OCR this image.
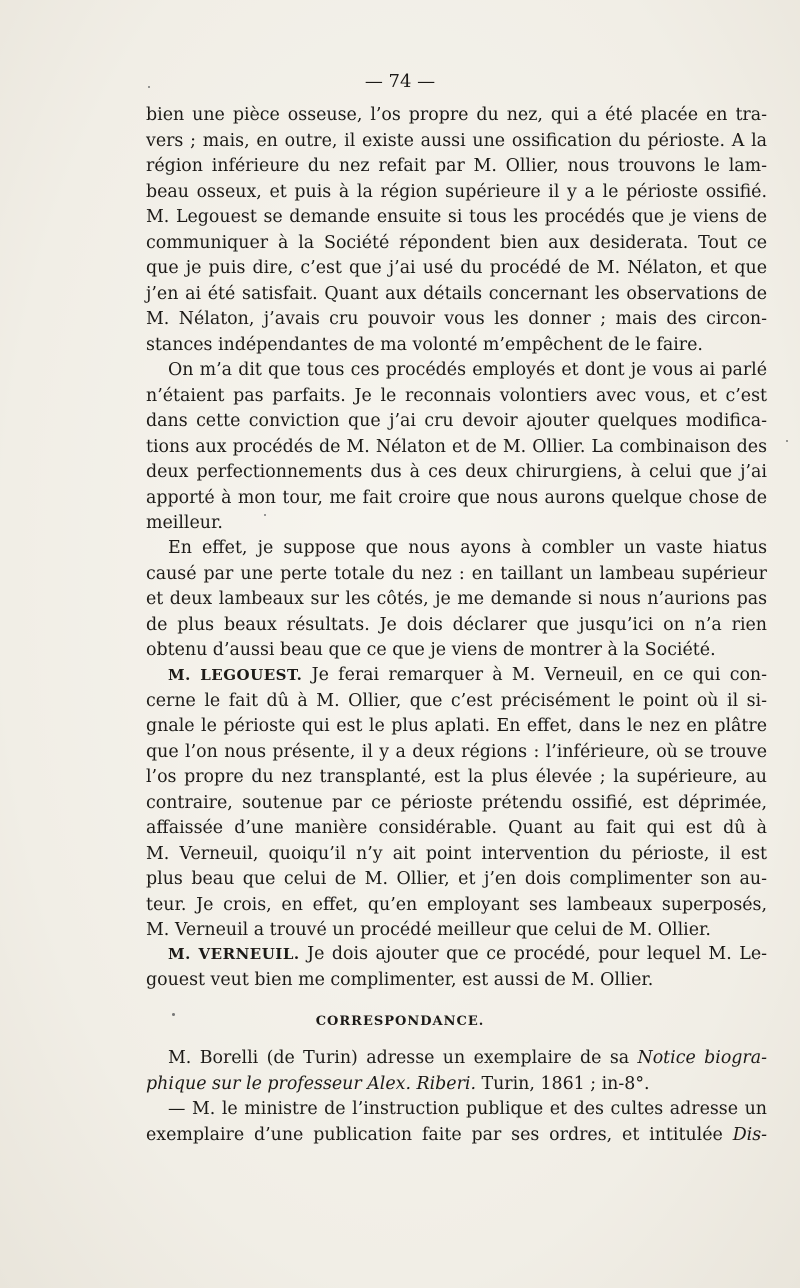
— 74 —
bien une pièce osseuse, l’os propre du nez, qui a été placée en tra-
vers ; mais, en outre, il existe aussi une ossification du périoste. A la
région inférieure du nez refait par M. Ollier, nous trouvons le lam-
beau osseux, et puis à la région supérieure il y a le périoste ossifié.
M. Legouest se demande ensuite si tous les procédés que je viens de
communiquer à la Société répondent bien aux desiderata. Tout ce
que je puis dire, c’est que j’ai usé du procédé de M. Nélaton, et que
j’en ai été satisfait. Quant aux détails concernant les observations de
M. Nélaton, j’avais cru pouvoir vous les donner ; mais des circon-
stances indépendantes de ma volonté m’empêchent de le faire.
On m’a dit que tous ces procédés employés et dont je vous ai parlé
n’étaient pas parfaits. Je le reconnais volontiers avec vous, et c’est
dans cette conviction que j’ai cru devoir ajouter quelques modifica-
tions aux procédés de M. Nélaton et de M. Ollier. La combinaison des
deux perfectionnements dus à ces deux chirurgiens, à celui que j’ai
apporté à mon tour, me fait croire que nous aurons quelque chose de
meilleur.
En effet, je suppose que nous ayons à combler un vaste hiatus
causé par une perte totale du nez : en taillant un lambeau supérieur
et deux lambeaux sur les côtés, je me demande si nous n’aurions pas
de plus beaux résultats. Je dois déclarer que jusqu’ici on n’a rien
obtenu d’aussi beau que ce que je viens de montrer à la Société.
M. LEGOUEST. Je ferai remarquer à M. Verneuil, en ce qui con-
cerne le fait dû à M. Ollier, que c’est précisément le point où il si-
gnale le périoste qui est le plus aplati. En effet, dans le nez en plâtre
que l’on nous présente, il y a deux régions : l’inférieure, où se trouve
l’os propre du nez transplanté, est la plus élevée ; la supérieure, au
contraire, soutenue par ce périoste prétendu ossifié, est déprimée,
affaissée d’une manière considérable. Quant au fait qui est dû à
M. Verneuil, quoiqu’il n’y ait point intervention du périoste, il est
plus beau que celui de M. Ollier, et j’en dois complimenter son au-
teur. Je crois, en effet, qu’en employant ses lambeaux superposés,
M. Verneuil a trouvé un procédé meilleur que celui de M. Ollier.
M. VERNEUIL. Je dois ajouter que ce procédé, pour lequel M. Le-
gouest veut bien me complimenter, est aussi de M. Ollier.
CORRESPONDANCE.
M. Borelli (de Turin) adresse un exemplaire de sa Notice biogra-
phique sur le professeur Alex. Riberi. Turin, 1861 ; in-8°.
— M. le ministre de l’instruction publique et des cultes adresse un
exemplaire d’une publication faite par ses ordres, et intitulée Dis-
